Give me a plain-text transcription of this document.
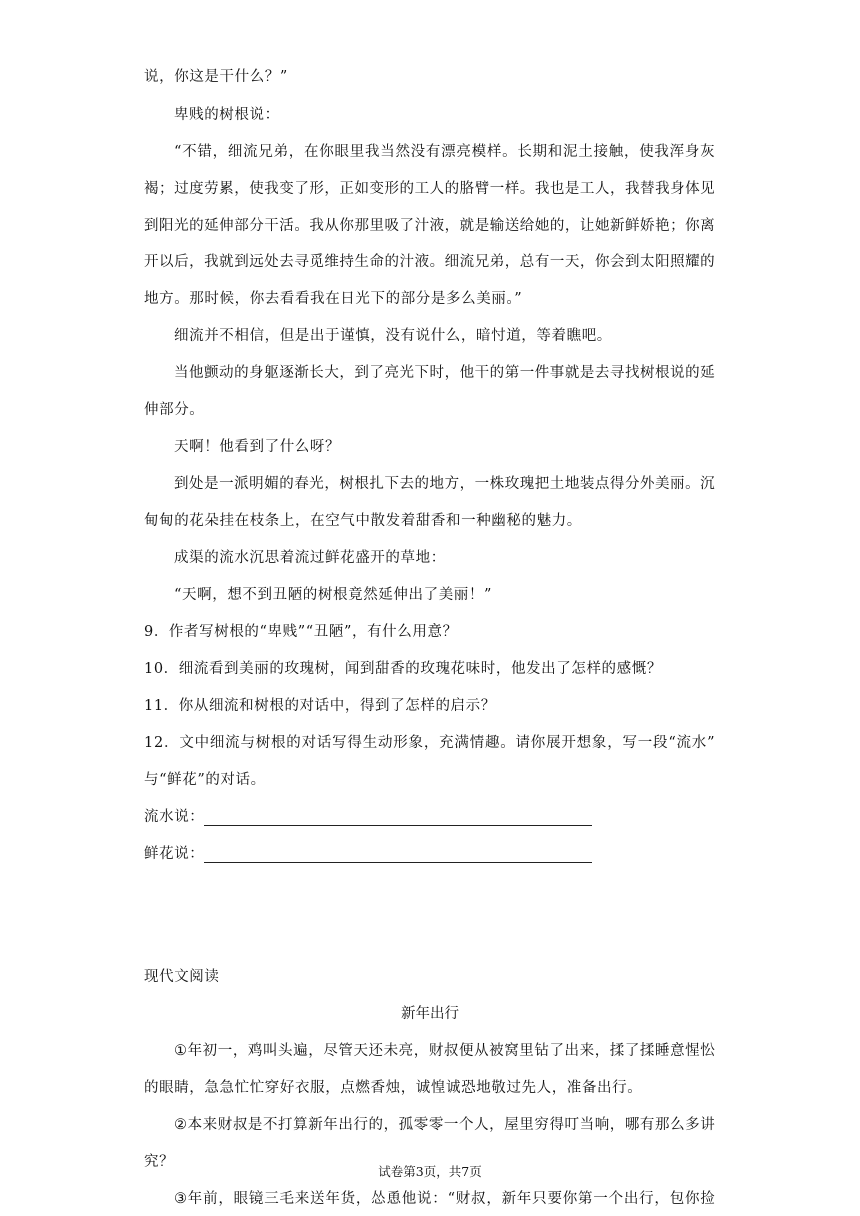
说，你这是干什么？”
卑贱的树根说：
“ 不 错 ， 细 流 兄 弟 ， 在 你 眼 里 我 当 然 没 有 漂 亮 模 样 。 长 期 和 泥 土 接 触 ， 使 我 浑 身 灰
褐 ； 过 度 劳 累 ， 使 我 变 了 形 ， 正 如 变 形 的 工 人 的 胳 臂 一 样 。 我 也 是 工 人 ， 我 替 我 身 体 见
到 阳 光 的 延 伸 部 分 干 活 。 我 从 你 那 里 吸 了 汁 液 ， 就 是 输 送 给 她 的 ， 让 她 新 鲜 娇 艳 ； 你 离
开 以 后 ， 我 就 到 远 处 去 寻 觅 维 持 生 命 的 汁 液 。 细 流 兄 弟 ， 总 有 一 天 ， 你 会 到 太 阳 照 耀 的
地方。那时候，你去看看我在日光下的部分是多么美丽。”
细流并不相信，但是出于谨慎，没有说什么，暗忖道，等着瞧吧。
当 他 颤 动 的 身 躯 逐 渐 长 大 ， 到 了 亮 光 下 时 ， 他 干 的 第 一 件 事 就 是 去 寻 找 树 根 说 的 延
伸部分。
天啊！他看到了什么呀？
到 处 是 一 派 明 媚 的 春 光 ， 树 根 扎 下 去 的 地 方 ， 一 株 玫 瑰 把 土 地 装 点 得 分 外 美 丽 。 沉
甸甸的花朵挂在枝条上，在空气中散发着甜香和一种幽秘的魅力。
成渠的流水沉思着流过鲜花盛开的草地：
“天啊，想不到丑陋的树根竟然延伸出了美丽！”
9．作者写树根的“卑贱”“丑陋”，有什么用意？
10．细流看到美丽的玫瑰树，闻到甜香的玫瑰花味时，他发出了怎样的感慨？
11．你从细流和树根的对话中，得到了怎样的启示？
1 2 ． 文 中 细 流 与 树 根 的 对 话 写 得 生 动 形 象 ， 充 满 情 趣 。 请 你 展 开 想 象 ， 写 一 段 “ 流 水 ”
与“鲜花”的对话。
流水说：
鲜花说：
现代文阅读
新年出行
① 年 初 一 ， 鸡 叫 头 遍 ， 尽 管 天 还 未 亮 ， 财 叔 便 从 被 窝 里 钻 了 出 来 ， 揉 了 揉 睡 意 惺 忪
的眼睛，急急忙忙穿好衣服，点燃香烛，诚惶诚恐地敬过先人，准备出行。
② 本 来 财 叔 是 不 打 算 新 年 出 行 的 ， 孤 零 零 一 个 人 ， 屋 里 穷 得 叮 当 响 ， 哪 有 那 么 多 讲
究？
③ 年 前 ， 眼 镜 三 毛 来 送 年 货 ， 怂 恿 他 说 ： “ 财 叔 ， 新 年 只 要 你 第 一 个 出 行 ， 包 你 捡
试卷第3页，共7页
